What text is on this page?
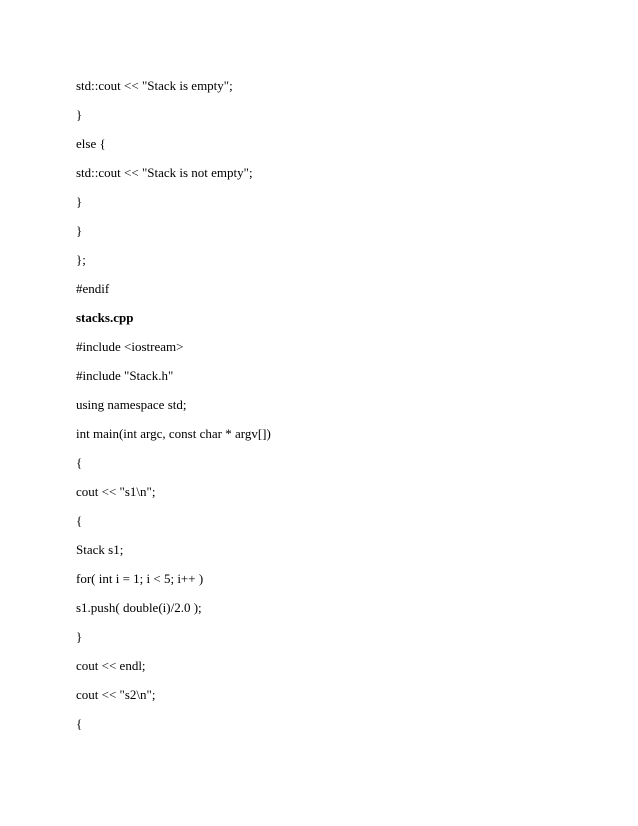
std::cout << "Stack is empty";
}
else {
std::cout << "Stack is not empty";
}
}
};
#endif
stacks.cpp
#include <iostream>
#include "Stack.h"
using namespace std;
int main(int argc, const char * argv[])
{
cout << "s1\n";
{
Stack s1;
for( int i = 1; i < 5; i++ )
s1.push( double(i)/2.0 );
}
cout << endl;
cout << "s2\n";
{
